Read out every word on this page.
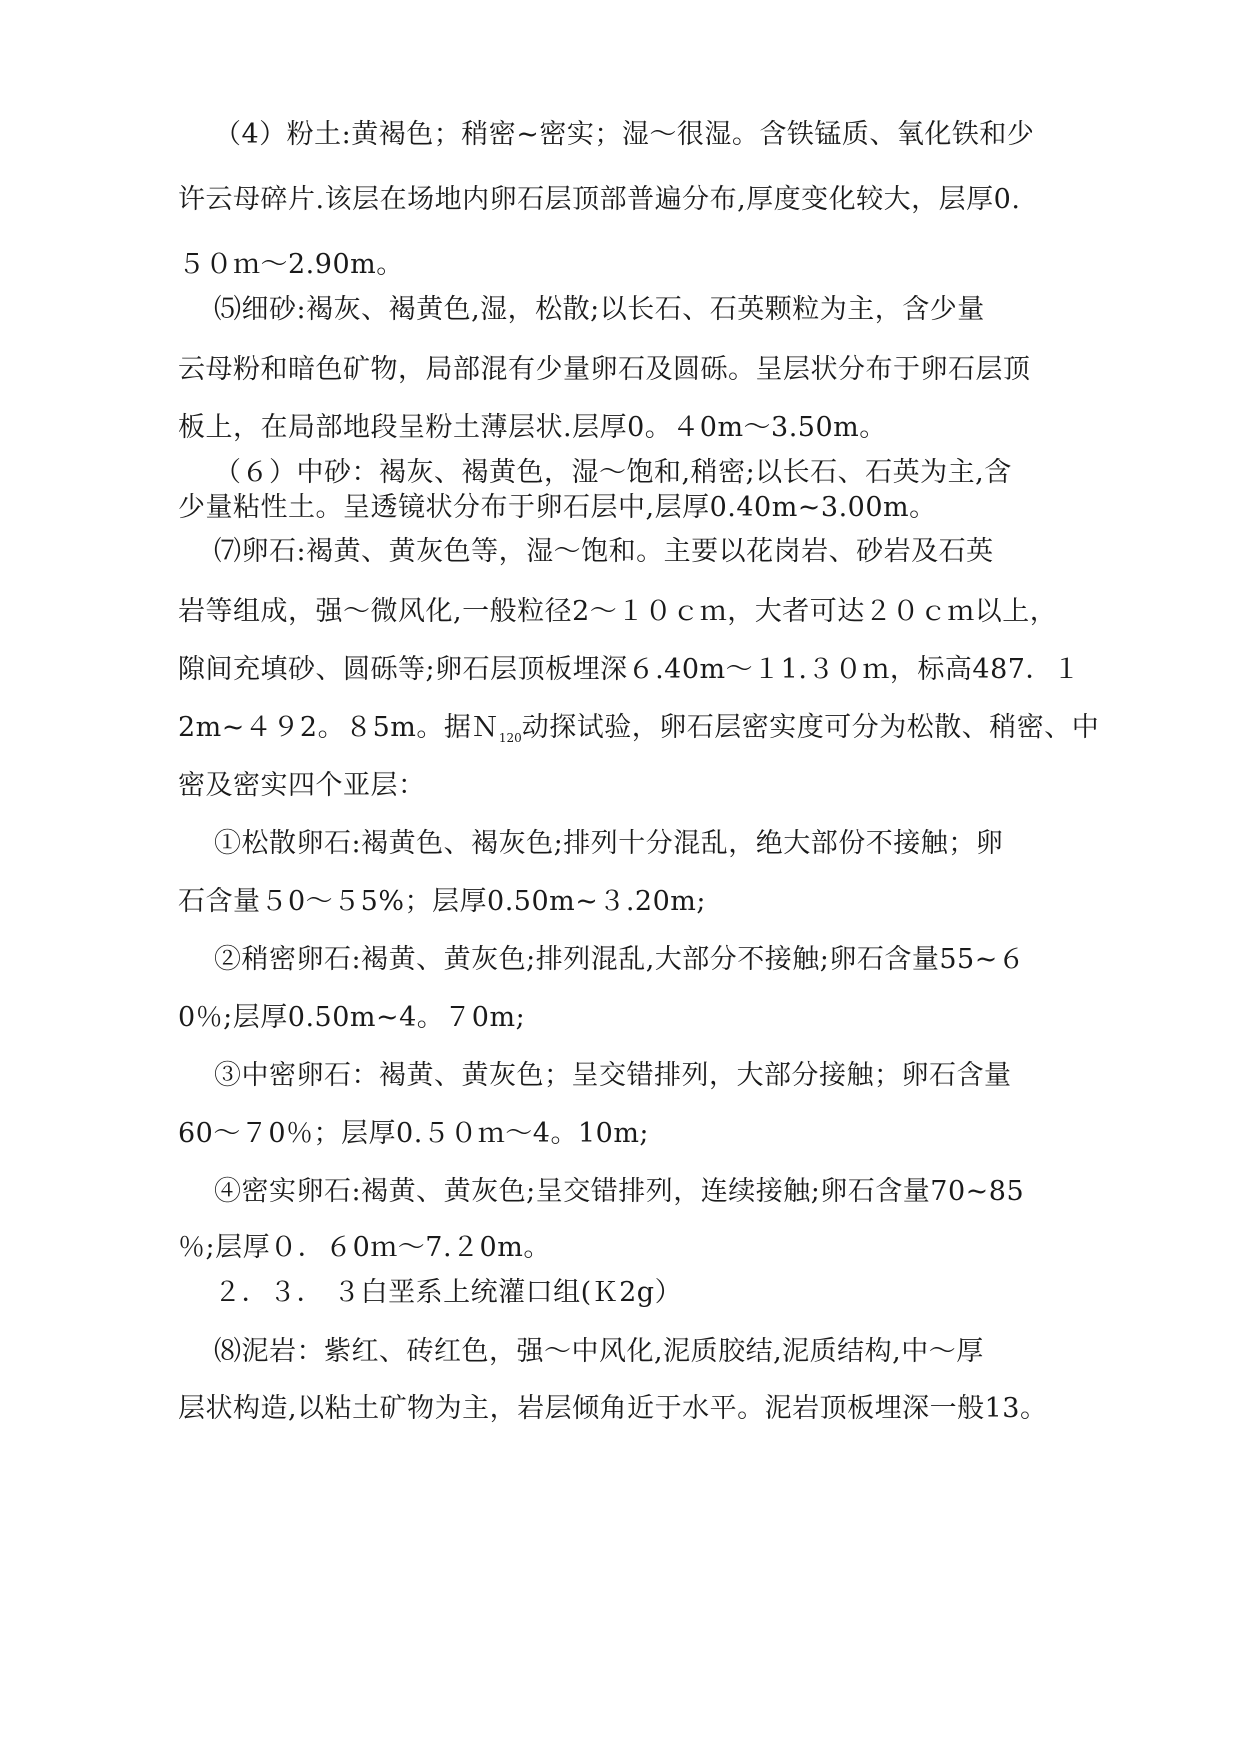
（4）粉土:黄褐色；稍密~密实；湿～很湿。含铁锰质、氧化铁和少
许云母碎片.该层在场地内卵石层顶部普遍分布,厚度变化较大，层厚0.
５０ｍ～2.90m。
⑸细砂:褐灰、褐黄色,湿，松散;以长石、石英颗粒为主，含少量
云母粉和暗色矿物，局部混有少量卵石及圆砾。呈层状分布于卵石层顶
板上，在局部地段呈粉土薄层状.层厚0。４0m～3.50m。
（６）中砂：褐灰、褐黄色，湿～饱和,稍密;以长石、石英为主,含
少量粘性土。呈透镜状分布于卵石层中,层厚0.40m~3.00m。
⑺卵石:褐黄、黄灰色等，湿～饱和。主要以花岗岩、砂岩及石英
岩等组成，强～微风化,一般粒径2～１０ｃｍ，大者可达２０ｃｍ以上，
隙间充填砂、圆砾等;卵石层顶板埋深６.40m～１1.３０ｍ，标高487．１
2m~４９2。８5m。据Ｎ$_{120}$动探试验，卵石层密实度可分为松散、稍密、中
密及密实四个亚层：
①松散卵石:褐黄色、褐灰色;排列十分混乱，绝大部份不接触；卵
石含量５0～５5%；层厚0.50m~３.20m;
②稍密卵石:褐黄、黄灰色;排列混乱,大部分不接触;卵石含量55~６
0％;层厚0.50m~4。７0m;
③中密卵石：褐黄、黄灰色；呈交错排列，大部分接触；卵石含量
60～７0％；层厚0.５０ｍ～4。10m;
④密实卵石:褐黄、黄灰色;呈交错排列，连续接触;卵石含量70~85
％;层厚０．６0ｍ～7.２0m。
２．３． ３白垩系上统灌口组(Ｋ2g）
⑻泥岩：紫红、砖红色，强～中风化,泥质胶结,泥质结构,中～厚
层状构造,以粘土矿物为主，岩层倾角近于水平。泥岩顶板埋深一般13。
